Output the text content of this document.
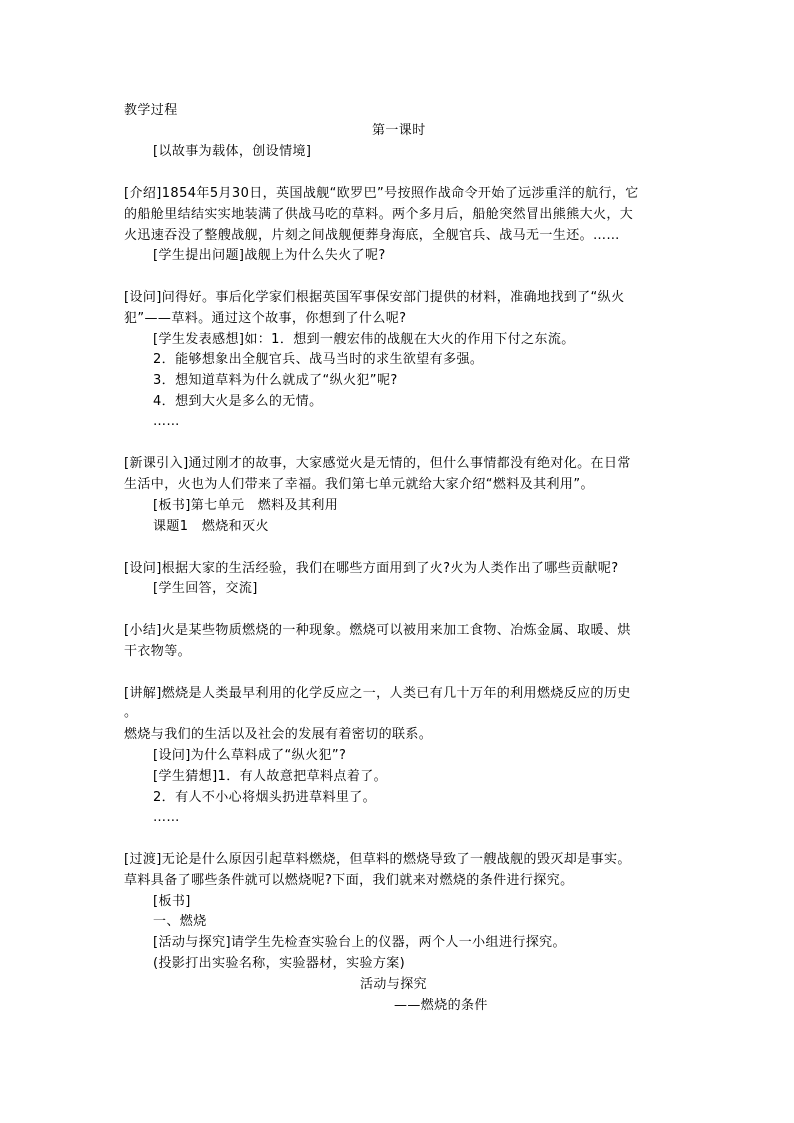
教学过程
第一课时
[以故事为载体，创设情境]
[介绍]1854年5月30日，英国战舰“欧罗巴”号按照作战命令开始了远涉重洋的航行，它
的船舱里结结实实地装满了供战马吃的草料。两个多月后，船舱突然冒出熊熊大火，大
火迅速吞没了整艘战舰，片刻之间战舰便葬身海底，全舰官兵、战马无一生还。……
[学生提出问题]战舰上为什么失火了呢?
[设问]问得好。事后化学家们根据英国军事保安部门提供的材料，准确地找到了“纵火
犯”——草料。通过这个故事，你想到了什么呢?
[学生发表感想]如：1．想到一艘宏伟的战舰在大火的作用下付之东流。
2．能够想象出全舰官兵、战马当时的求生欲望有多强。
3．想知道草料为什么就成了“纵火犯”呢?
4．想到大火是多么的无情。
……
[新课引入]通过刚才的故事，大家感觉火是无情的，但什么事情都没有绝对化。在日常
生活中，火也为人们带来了幸福。我们第七单元就给大家介绍“燃料及其利用”。
[板书]第七单元　燃料及其利用
课题1　燃烧和灭火
[设问]根据大家的生活经验，我们在哪些方面用到了火?火为人类作出了哪些贡献呢?
[学生回答，交流]
[小结]火是某些物质燃烧的一种现象。燃烧可以被用来加工食物、冶炼金属、取暖、烘
干衣物等。
[讲解]燃烧是人类最早利用的化学反应之一，人类已有几十万年的利用燃烧反应的历史
。
燃烧与我们的生活以及社会的发展有着密切的联系。
[设问]为什么草料成了“纵火犯”?
[学生猜想]1．有人故意把草料点着了。
2．有人不小心将烟头扔进草料里了。
……
[过渡]无论是什么原因引起草料燃烧，但草料的燃烧导致了一艘战舰的毁灭却是事实。
草料具备了哪些条件就可以燃烧呢?下面，我们就来对燃烧的条件进行探究。
[板书]
一、燃烧
[活动与探究]请学生先检查实验台上的仪器，两个人一小组进行探究。
(投影打出实验名称，实验器材，实验方案)
活动与探究
——燃烧的条件
